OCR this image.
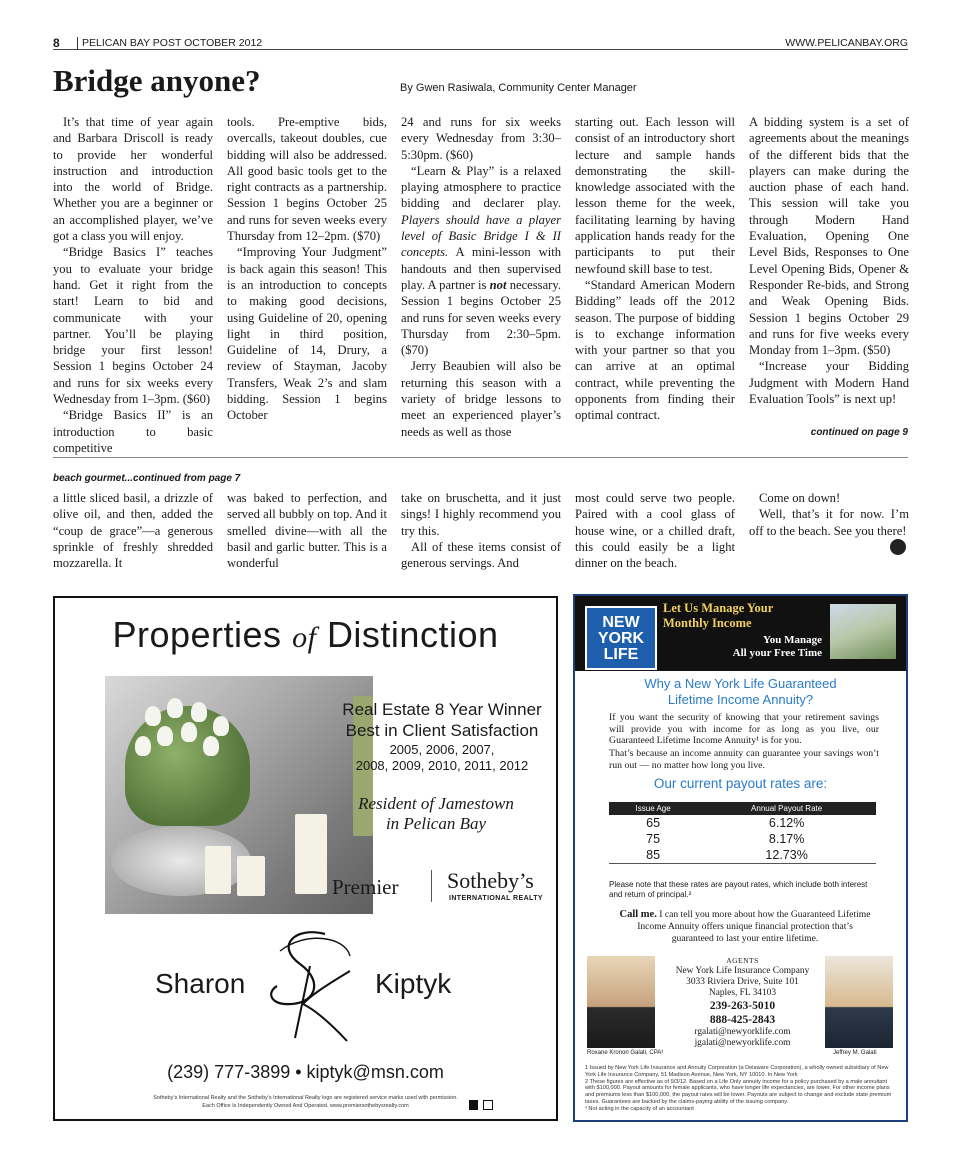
8	PELICAN BAY POST OCTOBER 2012	WWW.PELICANBAY.ORG
Bridge anyone?	By Gwen Rasiwala, Community Center Manager

It’s that time of year again and Barbara Driscoll is ready to provide her wonderful instruction and introduction into the world of Bridge. Whether you are a beginner or an accomplished player, we’ve got a class you will enjoy.

“Bridge Basics I” teaches you to evaluate your bridge hand. Get it right from the start! Learn to bid and communicate with your partner. You’ll be playing bridge your first lesson! Session 1 begins October 24 and runs for six weeks every Wednesday from 1–3pm. ($60)

“Bridge Basics II” is an introduction to basic competitive

tools. Pre-emptive bids, overcalls, takeout doubles, cue bidding will also be addressed. All good basic tools get to the right contracts as a partnership. Session 1 begins October 25 and runs for seven weeks every Thursday from 12–2pm. ($70)

“Improving Your Judgment” is back again this season! This is an introduction to concepts to making good decisions, using Guideline of 20, opening light in third position, Guideline of 14, Drury, a review of Stayman, Jacoby Transfers, Weak 2’s and slam bidding. Session 1 begins October

24 and runs for six weeks every Wednesday from 3:30–5:30pm. ($60)

“Learn & Play” is a relaxed playing atmosphere to practice bidding and declarer play. Players should have a player level of Basic Bridge I & II concepts. A mini-lesson with handouts and then supervised play. A partner is not necessary. Session 1 begins October 25 and runs for seven weeks every Thursday from 2:30–5pm. ($70)

Jerry Beaubien will also be returning this season with a variety of bridge lessons to meet an experienced player’s needs as well as those

starting out. Each lesson will consist of an introductory short lecture and sample hands demonstrating the skill-knowledge associated with the lesson theme for the week, facilitating learning by having application hands ready for the participants to put their newfound skill base to test.

“Standard American Modern Bidding” leads off the 2012 season. The purpose of bidding is to exchange information with your partner so that you can arrive at an optimal contract, while preventing the opponents from finding their optimal contract.

A bidding system is a set of agreements about the meanings of the different bids that the players can make during the auction phase of each hand. This session will take you through Modern Hand Evaluation, Opening One Level Bids, Responses to One Level Opening Bids, Opener & Responder Re-bids, and Strong and Weak Opening Bids. Session 1 begins October 29 and runs for five weeks every Monday from 1–3pm. ($50)

“Increase your Bidding Judgment with Modern Hand Evaluation Tools” is next up!

continued on page 9
beach gourmet...continued from page 7

a little sliced basil, a drizzle of olive oil, and then, added the “coup de grace”—a generous sprinkle of freshly shredded mozzarella. It

was baked to perfection, and served all bubbly on top. And it smelled divine—with all the basil and garlic butter. This is a wonderful

take on bruschetta, and it just sings! I highly recommend you try this.

All of these items consist of generous servings. And

most could serve two people. Paired with a cool glass of house wine, or a chilled draft, this could easily be a light dinner on the beach.

Come on down!

Well, that’s it for now. I’m off to the beach. See you there!

Properties of Distinction
Real Estate 8 Year Winner
Best in Client Satisfaction
2005, 2006, 2007,
2008, 2009, 2010, 2011, 2012
Resident of Jamestown
in Pelican Bay
Premier Sotheby’s
INTERNATIONAL REALTY
Sharon	Kiptyk
(239) 777-3899 • kiptyk@msn.com
Sotheby’s International Realty and the Sotheby’s International Realty logo are registered service marks used with permission.
Each Office Is Independently Owned And Operated. www.premiersothebysrealty.com
NEW
YORK
LIFE
Let Us Manage Your
Monthly Income
You Manage
All your Free Time
Why a New York Life Guaranteed
Lifetime Income Annuity?

If you want the security of knowing that your retirement savings will provide you with income for as long as you live, our Guaranteed Lifetime Income Annuity¹ is for you.

That’s because an income annuity can guarantee your savings won’t run out — no matter how long you live.

Our current payout rates are:
Issue Age	Annual Payout Rate
65	6.12%
75	8.17%
85	12.73%
Please note that these rates are payout rates, which include both interest and return of principal.²
Call me. I can tell you more about how the Guaranteed Lifetime Income Annuity offers unique financial protection that’s guaranteed to last your entire lifetime.
AGENTS
New York Life Insurance Company
3033 Riviera Drive, Suite 101
Naples, FL 34103
239-263-5010
888-425-2843
rgalati@newyorklife.com
jgalati@newyorklife.com
Roxane Kronon Galati, CPA³	Jeffrey M. Galati
1 Issued by New York Life Insurance and Annuity Corporation (a Delaware Corporation), a wholly owned subsidiary of New York Life Insurance Company, 51 Madison Avenue, New York, NY 10010. In New York
2 These figures are effective as of 9/3/12. Based on a Life Only annuity income for a policy purchased by a male annuitant with $100,000. Payout amounts for female applicants, who have longer life expectancies, are lower. For other income plans and premiums less than $100,000, the payout rates will be lower. Payouts are subject to change and exclude state premium taxes. Guarantees are backed by the claims-paying ability of the issuing company.
³ Not acting in the capacity of an accountant
